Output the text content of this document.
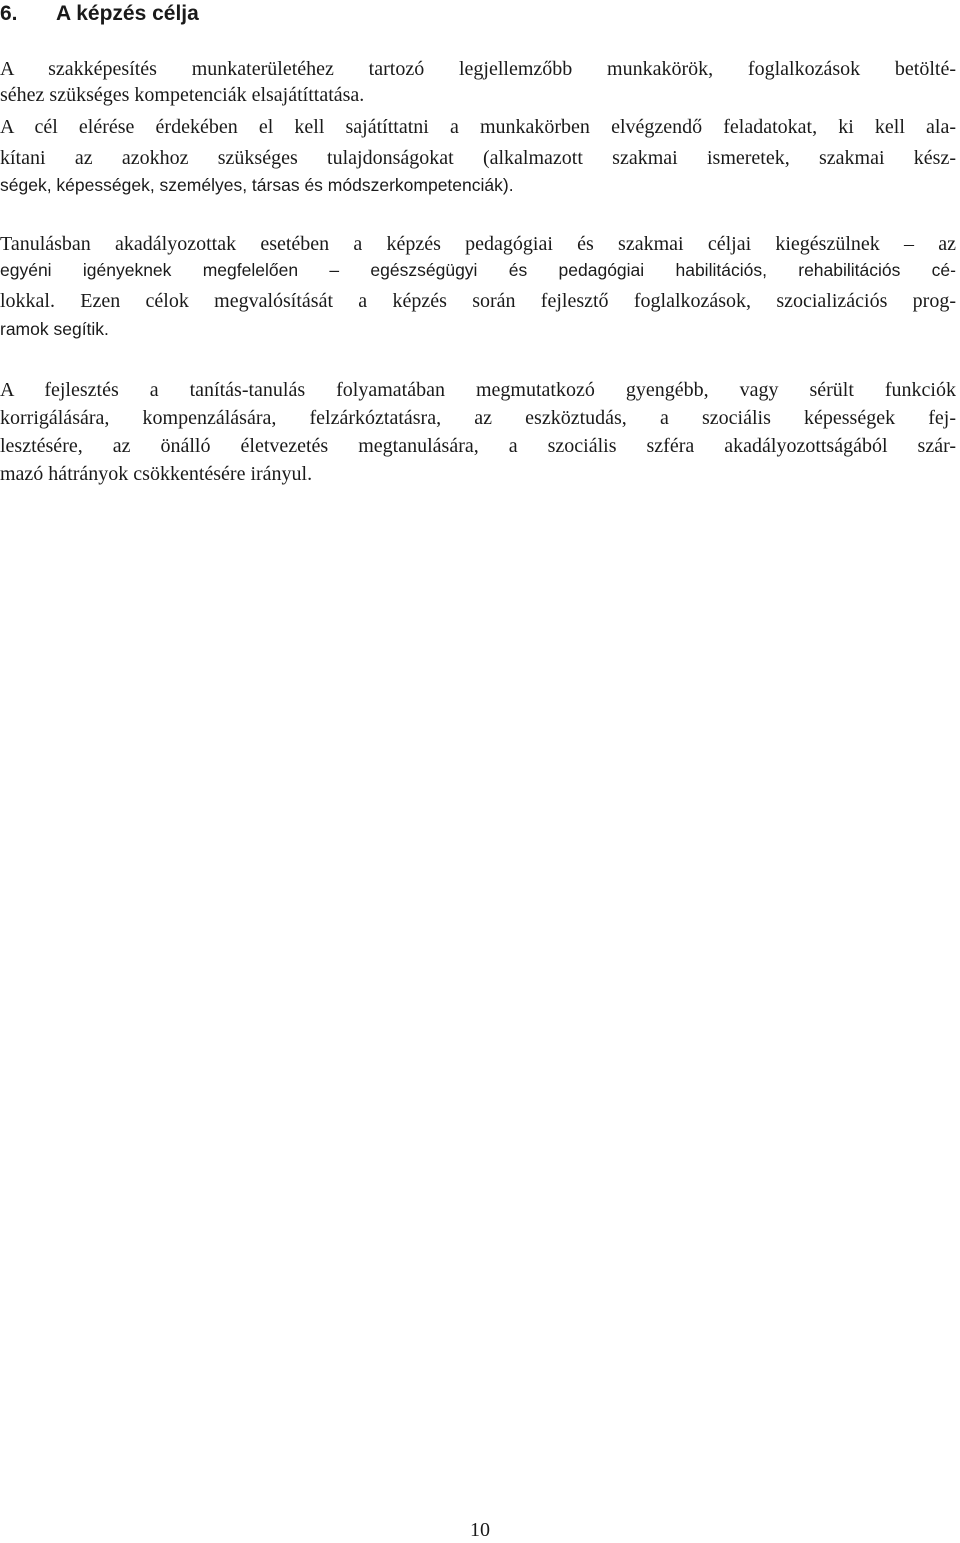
6. A képzés célja
A szakképesítés munkaterületéhez tartozó legjellemzőbb munkakörök, foglalkozások betölté-
séhez szükséges kompetenciák elsajátíttatása.
A cél elérése érdekében el kell sajátíttatni a munkakörben elvégzendő feladatokat, ki kell ala-
kítani az azokhoz szükséges tulajdonságokat (alkalmazott szakmai ismeretek, szakmai kész-
ségek, képességek, személyes, társas és módszerkompetenciák).
Tanulásban akadályozottak esetében a képzés pedagógiai és szakmai céljai kiegészülnek – az
egyéni igényeknek megfelelően – egészségügyi és pedagógiai habilitációs, rehabilitációs cé-
lokkal. Ezen célok megvalósítását a képzés során fejlesztő foglalkozások, szocializációs prog-
ramok segítik.
A fejlesztés a tanítás-tanulás folyamatában megmutatkozó gyengébb, vagy sérült funkciók
korrigálására, kompenzálására, felzárkóztatásra, az eszköztudás, a szociális képességek fej-
lesztésére, az önálló életvezetés megtanulására, a szociális szféra akadályozottságából szár-
mazó hátrányok csökkentésére irányul.
10
